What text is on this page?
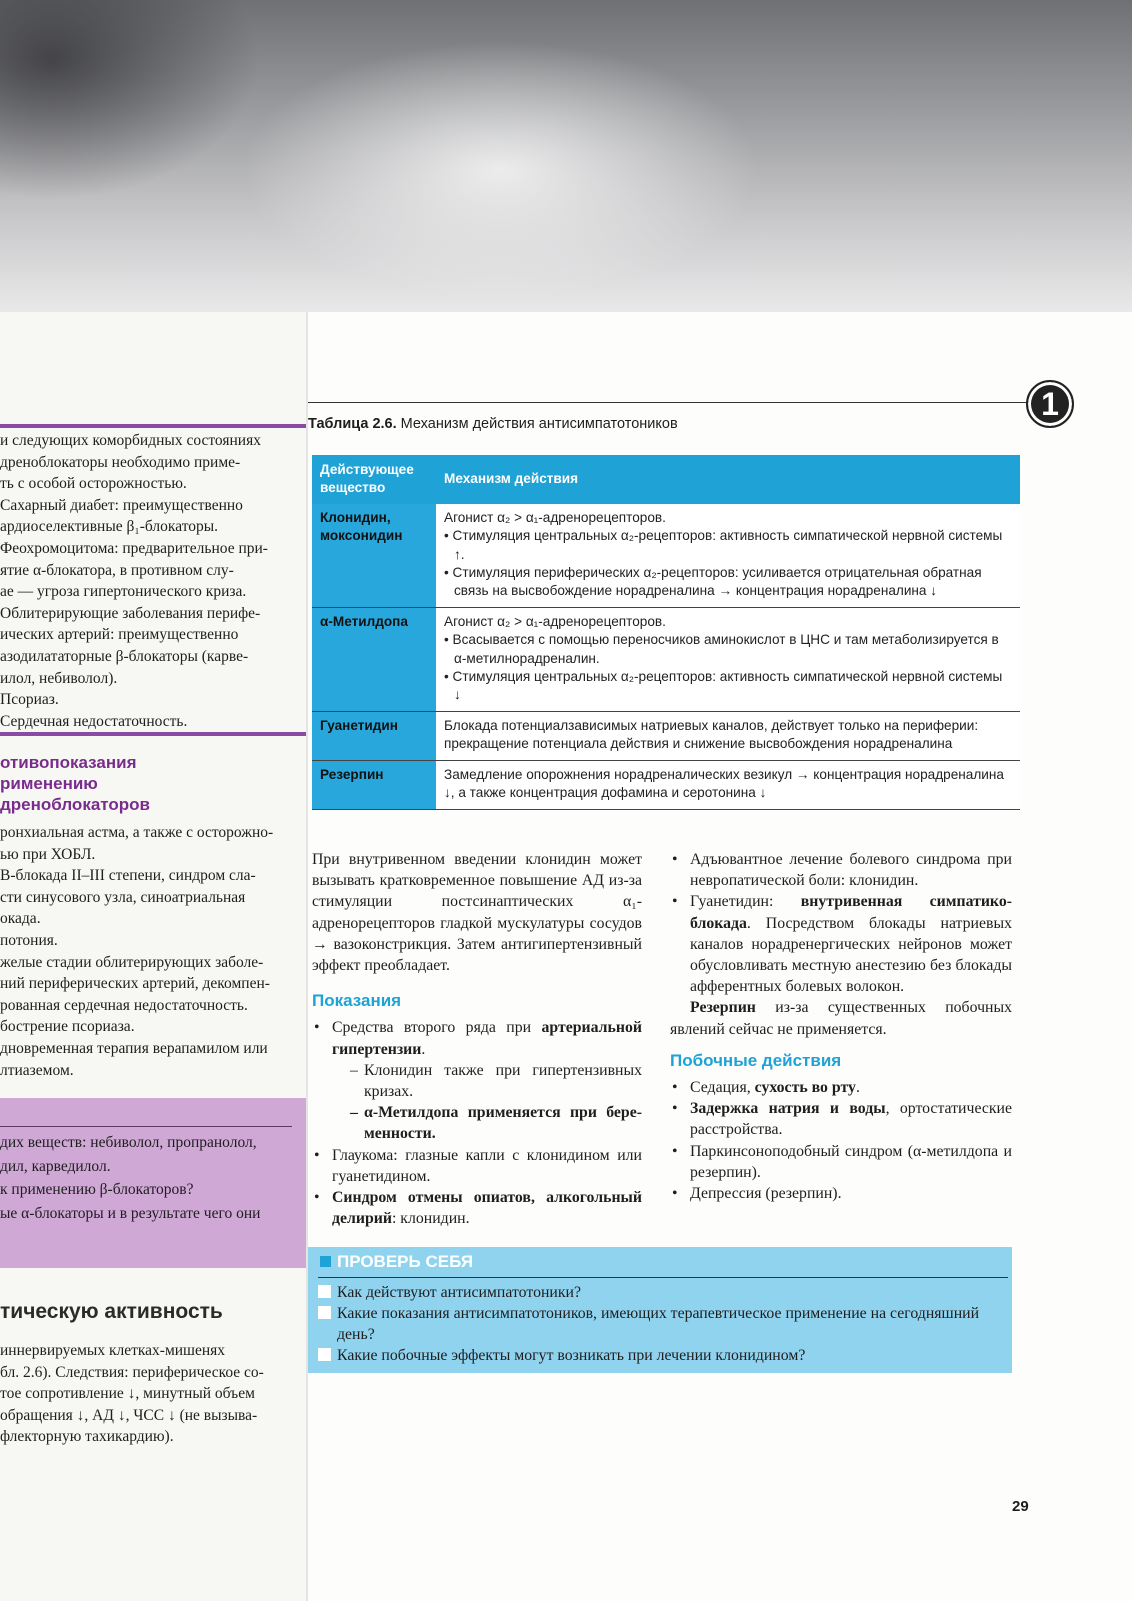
и следующих коморбидных состояниях
дреноблокаторы необходимо приме-
ть с особой осторожностью.
Сахарный диабет: преимущественно
ардиоселективные β₁-блокаторы.
Феохромоцитома: предварительное при-
ятие α-блокатора, в противном слу-
ае — угроза гипертонического криза.
Облитерирующие заболевания перифе-
ических артерий: преимущественно
азодилататорные β-блокаторы (карве-
илол, небиволол).
Псориаз.
Сердечная недостаточность.
отивопоказания
рименению
дреноблокаторов
ронхиальная астма, а также с осторожно-
ью при ХОБЛ.
В-блокада II–III степени, синдром сла-
сти синусового узла, синоатриальная
окада.
потония.
желые стадии облитерирующих заболе-
ний периферических артерий, декомпен-
рованная сердечная недостаточность.
бострение псориаза.
дновременная терапия верапамилом или
лтиаземом.
дих веществ: небиволол, пропранолол,
дил, карведилол.
к применению β-блокаторов?
ые α-блокаторы и в результате чего они
тическую активность
иннервируемых клетках-мишенях
бл. 2.6). Следствия: периферическое со-
тое сопротивление ↓, минутный объем
обращения ↓, АД ↓, ЧСС ↓ (не вызыва-
флекторную тахикардию).
1
Таблица 2.6. Механизм действия антисимпатотоников
Действующее вещество	Механизм действия
Клонидин, моксонидин	Агонист α₂ > α₁-адренорецепторов.
• Стимуляция центральных α₂-рецепторов: активность симпатической нервной системы ↑.
• Стимуляция периферических α₂-рецепторов: усиливается отрицательная обратная связь на высвобождение норадреналина → концентрация норадреналина ↓

α-Метилдопа	Агонист α₂ > α₁-адренорецепторов.
• Всасывается с помощью переносчиков аминокислот в ЦНС и там метаболизируется в α-метилнорадреналин.
• Стимуляция центральных α₂-рецепторов: активность симпатической нервной системы ↓

Гуанетидин	Блокада потенциалзависимых натриевых каналов, действует только на периферии: прекращение потенциала действия и снижение высвобождения норадреналина
Резерпин	Замедление опорожнения норадреналических везикул → концентрация норадреналина ↓, а также концентрация дофамина и серотонина ↓

При внутривенном введении клонидин может вызывать кратковременное повышение АД из-за стимуляции постсинаптических α₁-адренорецепторов гладкой мускулатуры сосудов → вазоконстрикция. Затем антигипертензивный эффект преобладает.

Показания
• Средства второго ряда при артериальной гипертензии.
– Клонидин также при гипертензивных кризах.
– α-Метилдопа применяется при беременности.
• Глаукома: глазные капли с клонидином или гуанетидином.
• Синдром отмены опиатов, алкогольный делирий: клонидин.
• Адъювантное лечение болевого синдрома при невропатической боли: клонидин.
• Гуанетидин: внутривенная симпатикоблокада. Посредством блокады натриевых каналов норадренергических нейронов может обусловливать местную анестезию без блокады афферентных болевых волокон.

Резерпин из-за существенных побочных явлений сейчас не применяется.

Побочные действия
• Седация, сухость во рту.
• Задержка натрия и воды, ортостатические расстройства.
• Паркинсоноподобный синдром (α-метилдопа и резерпин).
• Депрессия (резерпин).
ПРОВЕРЬ СЕБЯ
Как действуют антисимпатотоники?
Какие показания антисимпатотоников, имеющих терапевтическое применение на сегодняшний день?
Какие побочные эффекты могут возникать при лечении клонидином?
29
